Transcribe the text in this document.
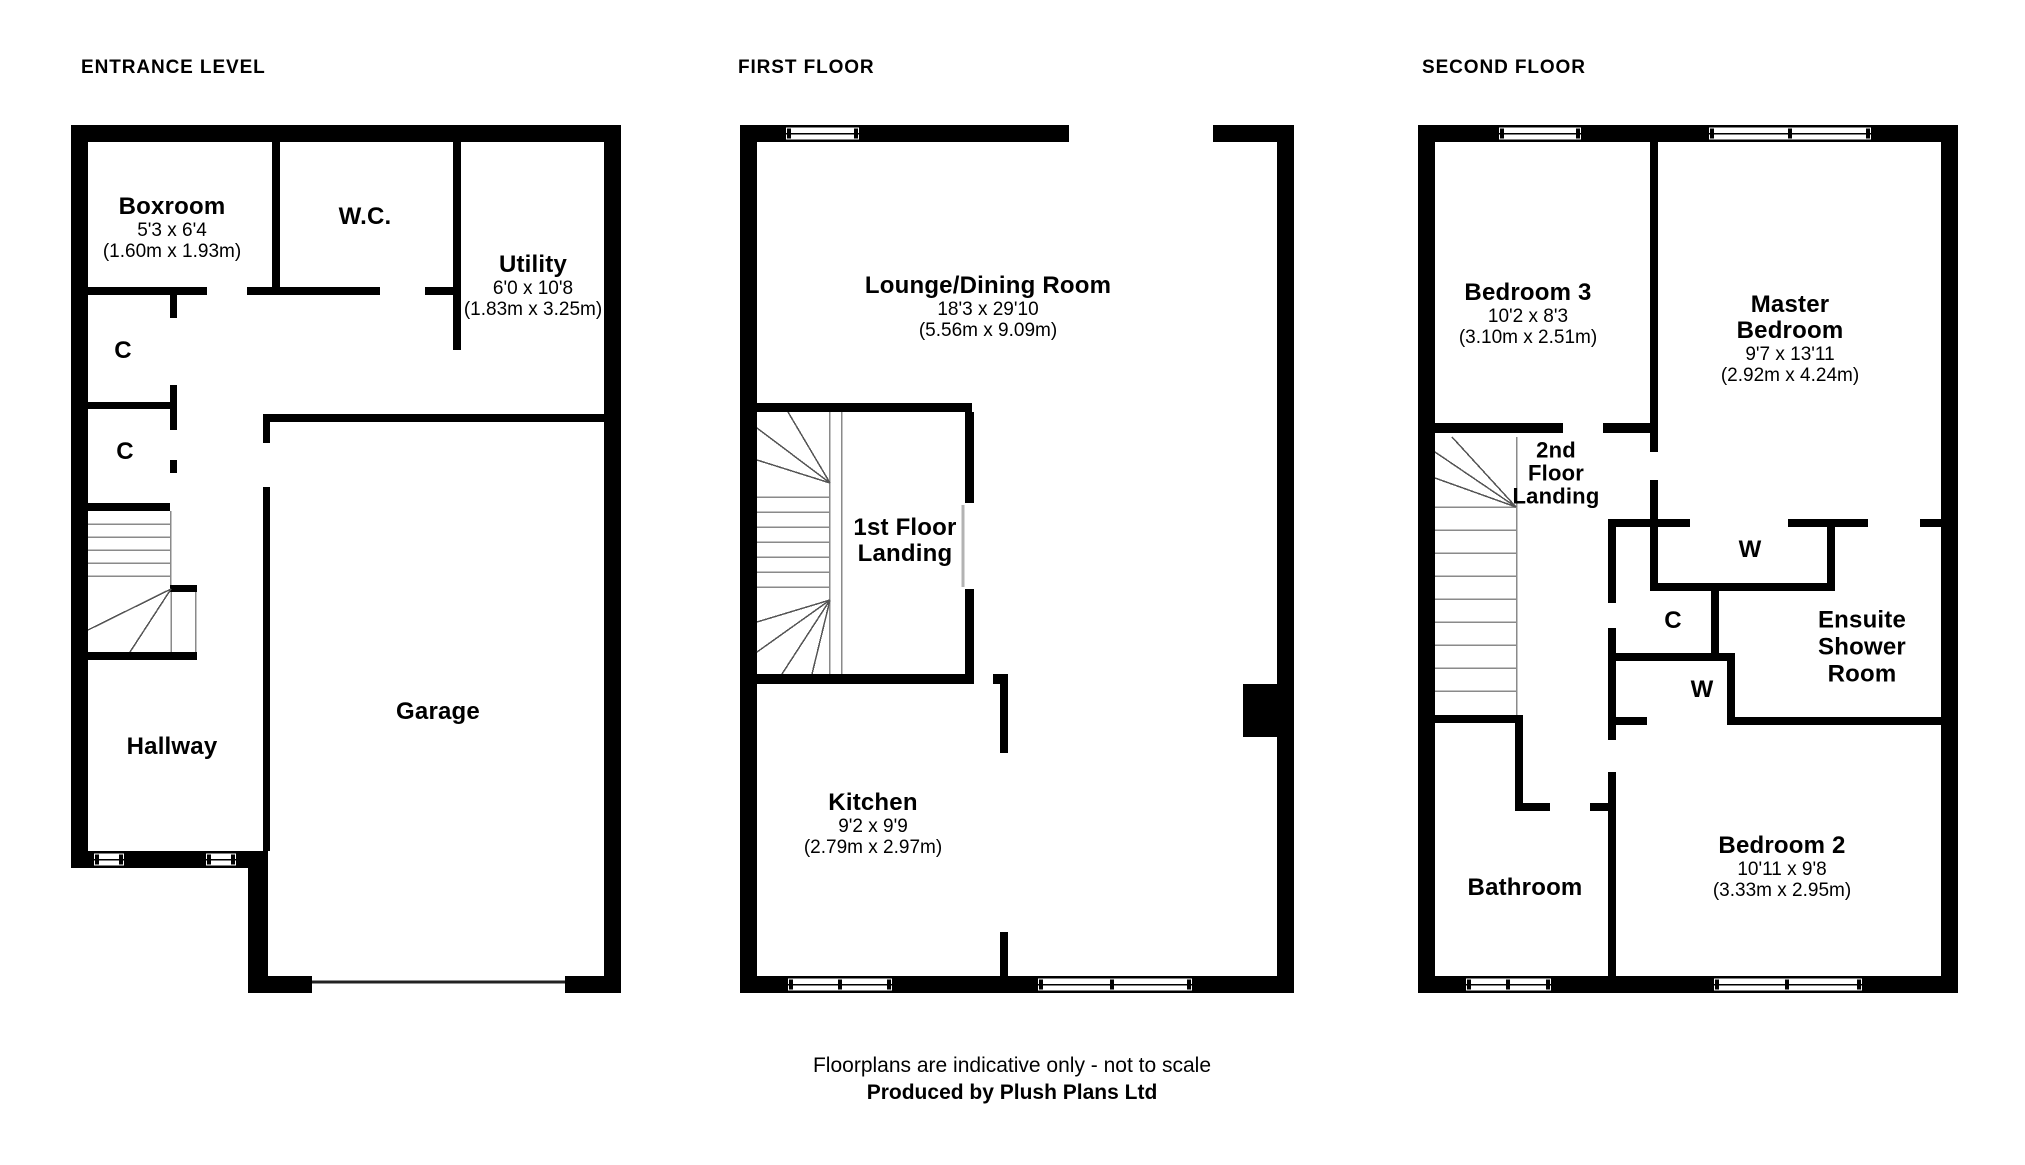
ENTRANCE LEVEL	FIRST FLOOR	SECOND FLOOR
Boxroom
5'3 x 6'4
(1.60m x 1.93m)
W.C.
Utility
6'0 x 10'8
(1.83m x 3.25m)
C
C
Hallway
Garage
Lounge/Dining Room
18'3 x 29'10
(5.56m x 9.09m)
1st Floor
Landing
Kitchen
9'2 x 9'9
(2.79m x 2.97m)
Bedroom 3
10'2 x 8'3
(3.10m x 2.51m)
Master
Bedroom
9'7 x 13'11
(2.92m x 4.24m)
2nd
Floor
Landing
W
C
W
Ensuite
Shower
Room
Bathroom
Bedroom 2
10'11 x 9'8
(3.33m x 2.95m)
Floorplans are indicative only - not to scale
Produced by Plush Plans Ltd
